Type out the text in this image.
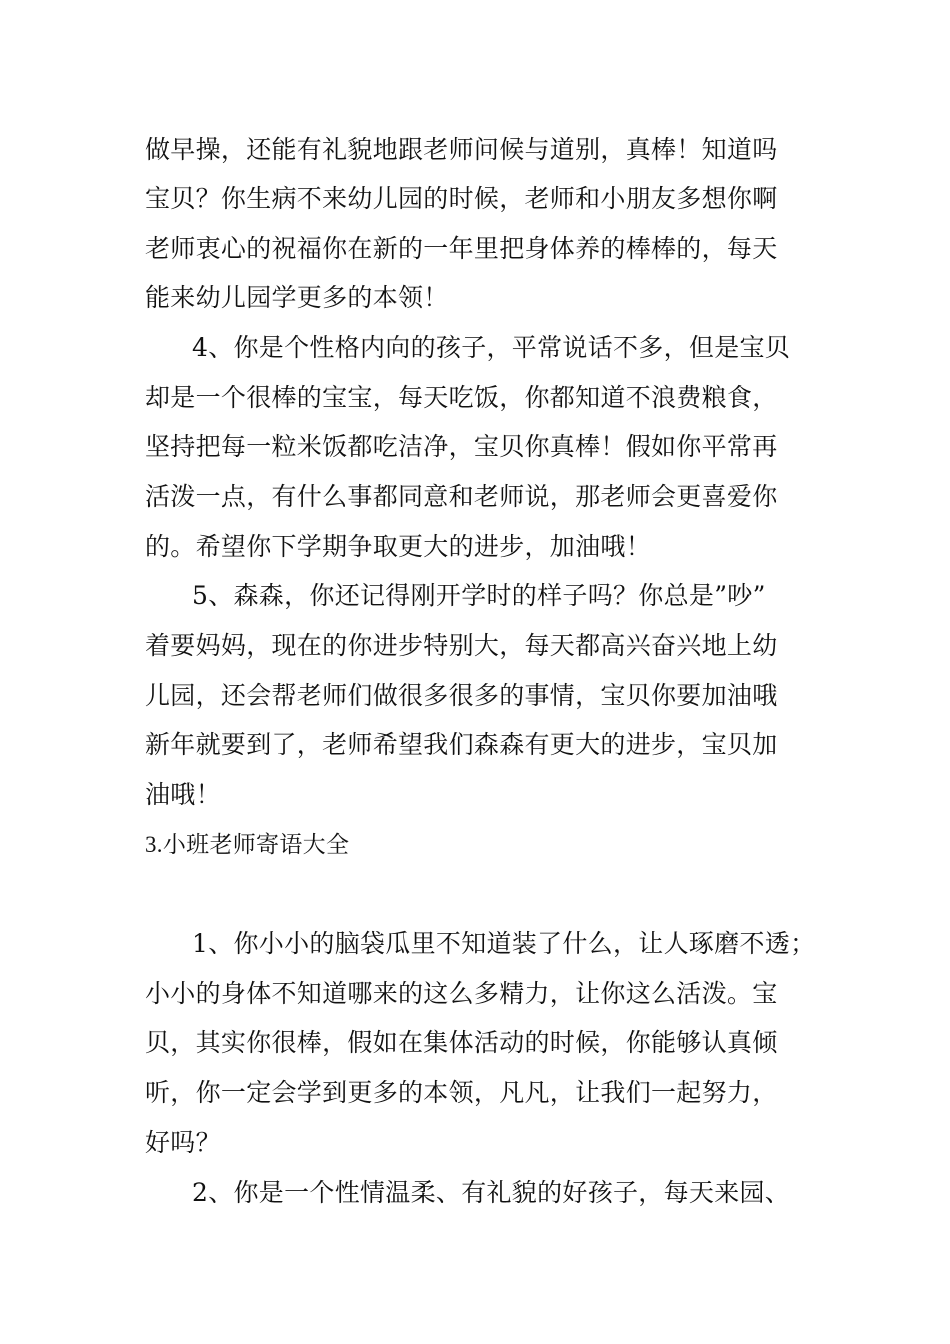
做早操，还能有礼貌地跟老师问候与道别，真棒！知道吗
宝贝？你生病不来幼儿园的时候，老师和小朋友多想你啊
老师衷心的祝福你在新的一年里把身体养的棒棒的，每天
能来幼儿园学更多的本领！
4、你是个性格内向的孩子，平常说话不多，但是宝贝
却是一个很棒的宝宝，每天吃饭，你都知道不浪费粮食，
坚持把每一粒米饭都吃洁净，宝贝你真棒！假如你平常再
活泼一点，有什么事都同意和老师说，那老师会更喜爱你
的。希望你下学期争取更大的进步，加油哦！
5、森森，你还记得刚开学时的样子吗？你总是”吵”
着要妈妈，现在的你进步特别大，每天都高兴奋兴地上幼
儿园，还会帮老师们做很多很多的事情，宝贝你要加油哦
新年就要到了，老师希望我们森森有更大的进步，宝贝加
油哦！
3.小班老师寄语大全
1、你小小的脑袋瓜里不知道装了什么，让人琢磨不透；
小小的身体不知道哪来的这么多精力，让你这么活泼。宝
贝，其实你很棒，假如在集体活动的时候，你能够认真倾
听，你一定会学到更多的本领，凡凡，让我们一起努力，
好吗？
2、你是一个性情温柔、有礼貌的好孩子，每天来园、
